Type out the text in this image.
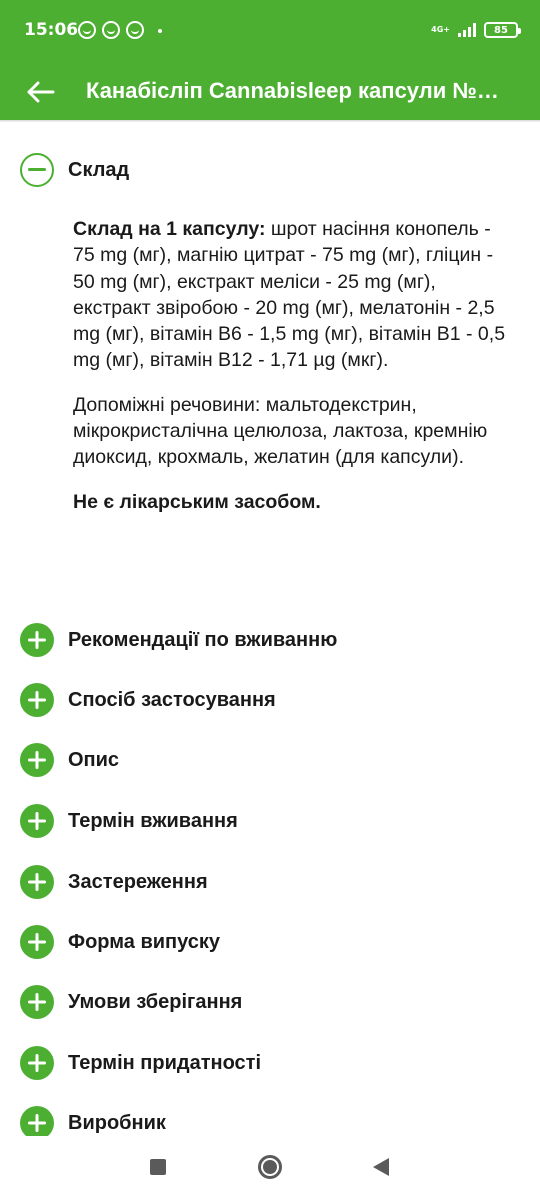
15:06	4G+	85
Канабіслiп Cannabisleep капсули №…
Склад

Склад на 1 капсулу: шрот насіння конопель - 75 mg (мг), магнію цитрат - 75 mg (мг), гліцин - 50 mg (мг), екстракт меліси - 25 mg (мг), екстракт звіробою - 20 mg (мг), мелатонін - 2,5 mg (мг), вітамін B6 - 1,5 mg (мг), вітамін B1 - 0,5 mg (мг), вітамін B12 - 1,71 µg (мкг).

Допоміжні речовини: мальтодекстрин, мікрокристалічна целюлоза, лактоза, кремнію диоксид, крохмаль, желатин (для капсули).

Не є лікарським засобом.

Рекомендації по вживанню
Спосіб застосування
Опис
Термін вживання
Застереження
Форма випуску
Умови зберігання
Термін придатності
Виробник
